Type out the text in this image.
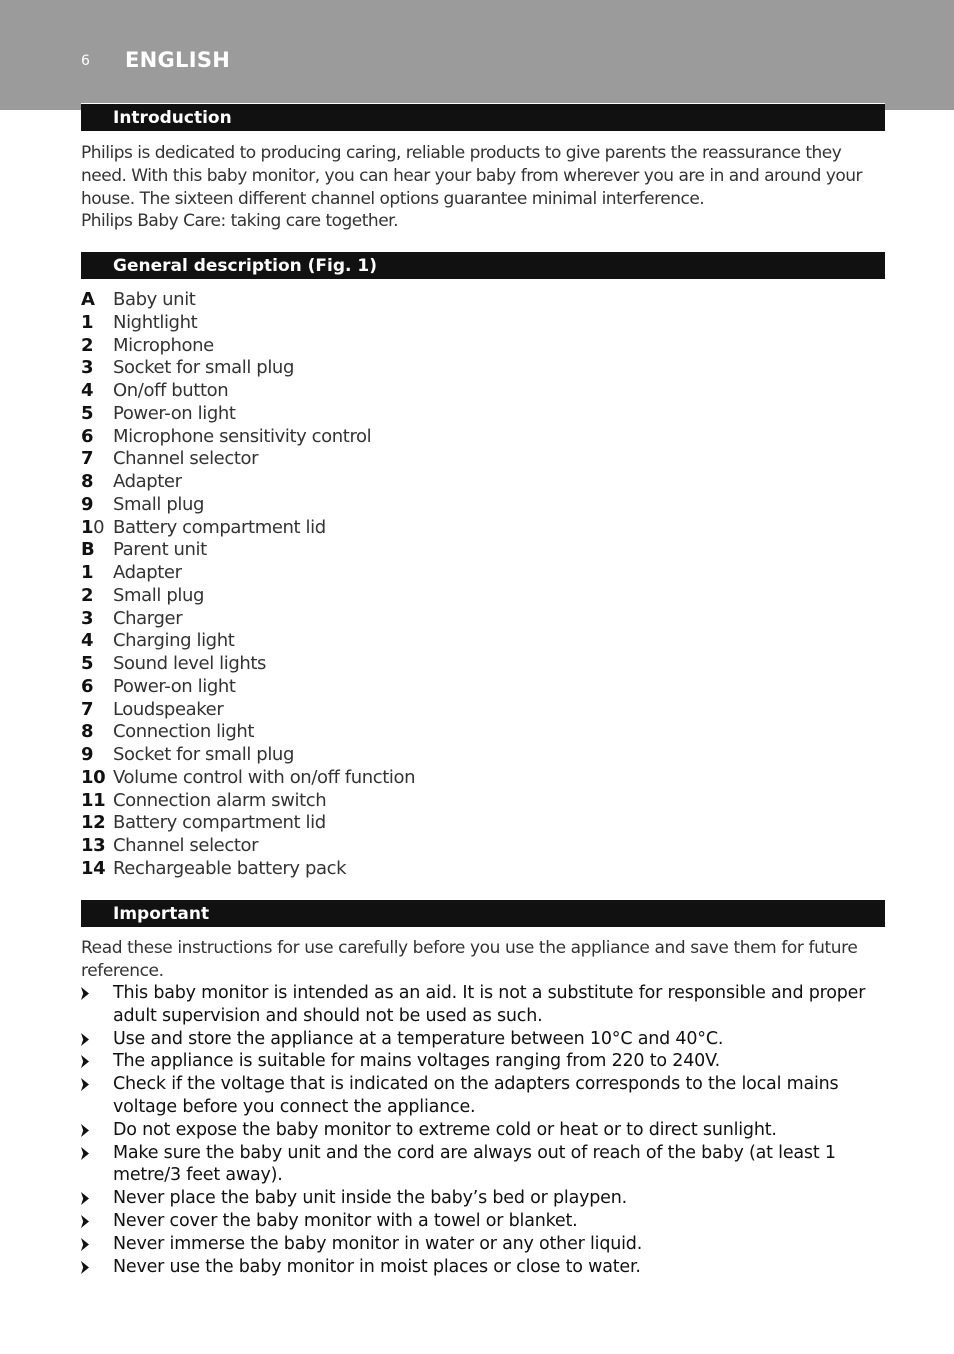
6 ENGLISH
Introduction

Philips is dedicated to producing caring, reliable products to give parents the reassurance they need. With this baby monitor, you can hear your baby from wherever you are in and around your house. The sixteen different channel options guarantee minimal interference.

Philips Baby Care: taking care together.

General description (Fig. 1)
A Baby unit
1 Nightlight
2 Microphone
3 Socket for small plug
4 On/off button
5 Power-on light
6 Microphone sensitivity control
7 Channel selector
8 Adapter
9 Small plug
10 Battery compartment lid
B Parent unit
1 Adapter
2 Small plug
3 Charger
4 Charging light
5 Sound level lights
6 Power-on light
7 Loudspeaker
8 Connection light
9 Socket for small plug
10 Volume control with on/off function
11 Connection alarm switch
12 Battery compartment lid
13 Channel selector
14 Rechargeable battery pack
Important

Read these instructions for use carefully before you use the appliance and save them for future reference.

This baby monitor is intended as an aid. It is not a substitute for responsible and proper adult supervision and should not be used as such.
Use and store the appliance at a temperature between 10°C and 40°C.
The appliance is suitable for mains voltages ranging from 220 to 240V.
Check if the voltage that is indicated on the adapters corresponds to the local mains voltage before you connect the appliance.
Do not expose the baby monitor to extreme cold or heat or to direct sunlight.
Make sure the baby unit and the cord are always out of reach of the baby (at least 1 metre/3 feet away).
Never place the baby unit inside the baby’s bed or playpen.
Never cover the baby monitor with a towel or blanket.
Never immerse the baby monitor in water or any other liquid.
Never use the baby monitor in moist places or close to water.
